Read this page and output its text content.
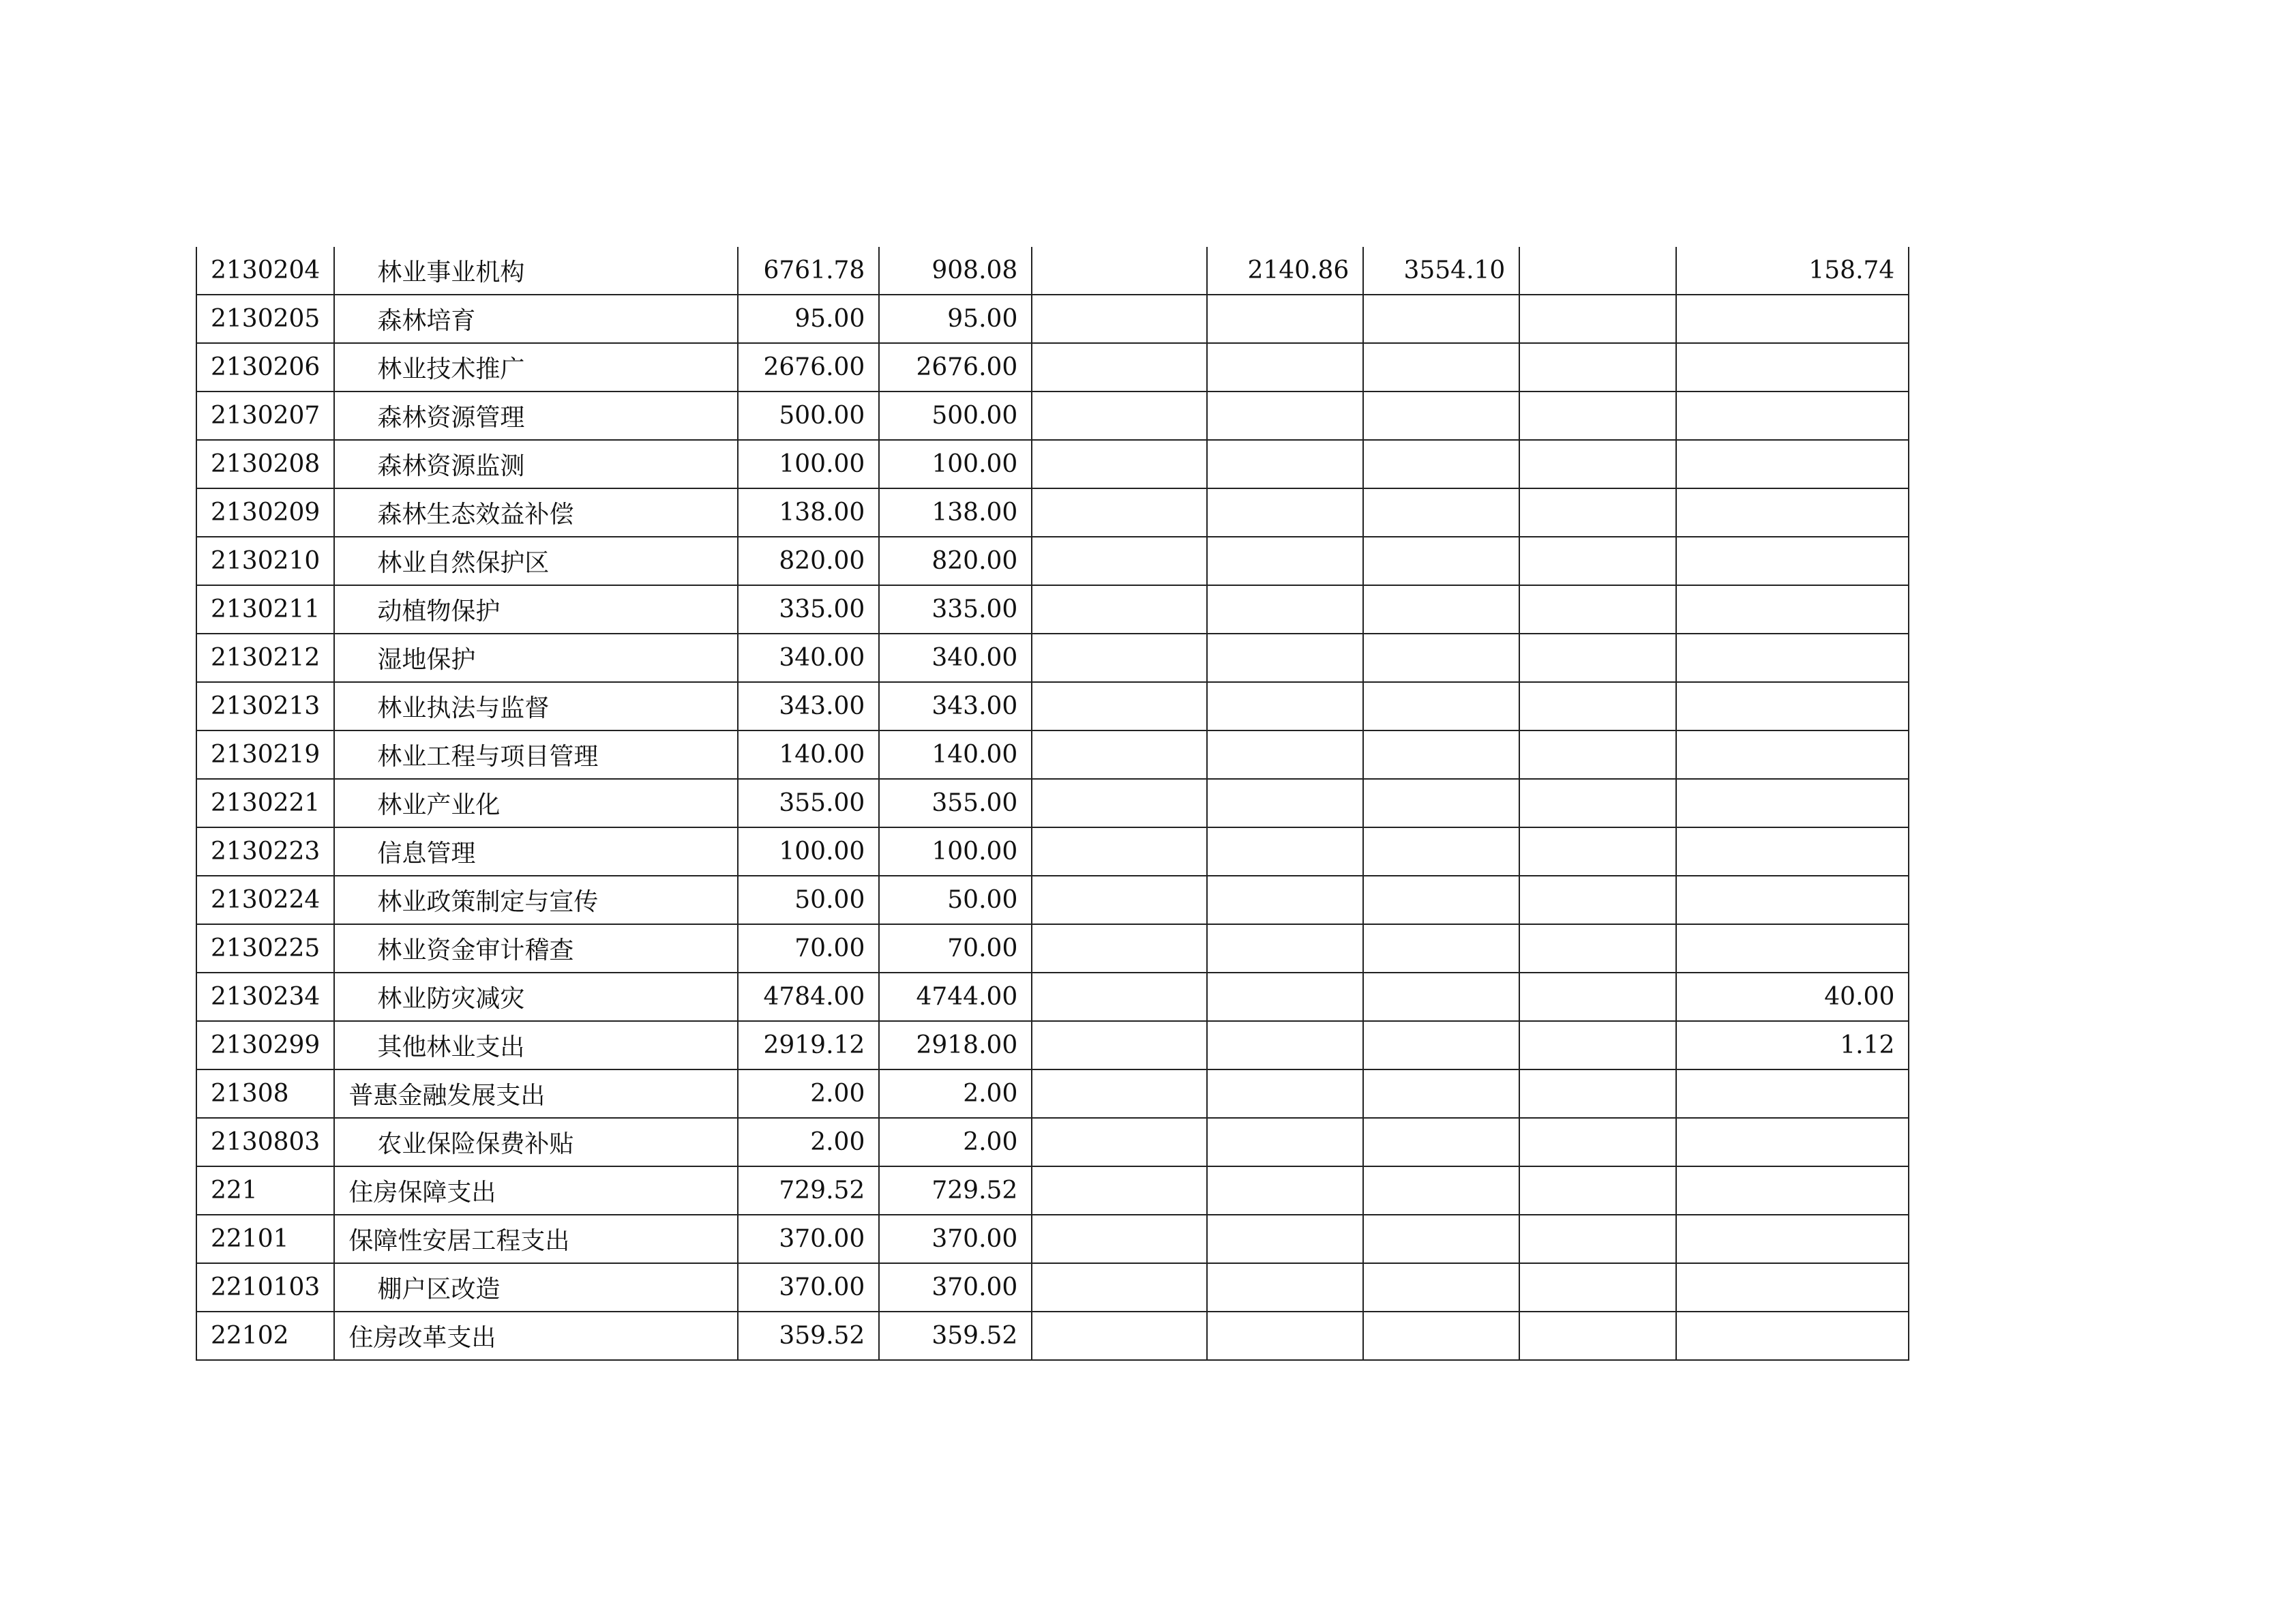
2130204	林业事业机构	6761.78	908.08		2140.86	3554.10		158.74
2130205	森林培育	95.00	95.00					
2130206	林业技术推广	2676.00	2676.00					
2130207	森林资源管理	500.00	500.00					
2130208	森林资源监测	100.00	100.00					
2130209	森林生态效益补偿	138.00	138.00					
2130210	林业自然保护区	820.00	820.00					
2130211	动植物保护	335.00	335.00					
2130212	湿地保护	340.00	340.00					
2130213	林业执法与监督	343.00	343.00					
2130219	林业工程与项目管理	140.00	140.00					
2130221	林业产业化	355.00	355.00					
2130223	信息管理	100.00	100.00					
2130224	林业政策制定与宣传	50.00	50.00					
2130225	林业资金审计稽查	70.00	70.00					
2130234	林业防灾减灾	4784.00	4744.00					40.00
2130299	其他林业支出	2919.12	2918.00					1.12
21308	普惠金融发展支出	2.00	2.00					
2130803	农业保险保费补贴	2.00	2.00					
221	住房保障支出	729.52	729.52					
22101	保障性安居工程支出	370.00	370.00					
2210103	棚户区改造	370.00	370.00					
22102	住房改革支出	359.52	359.52					
